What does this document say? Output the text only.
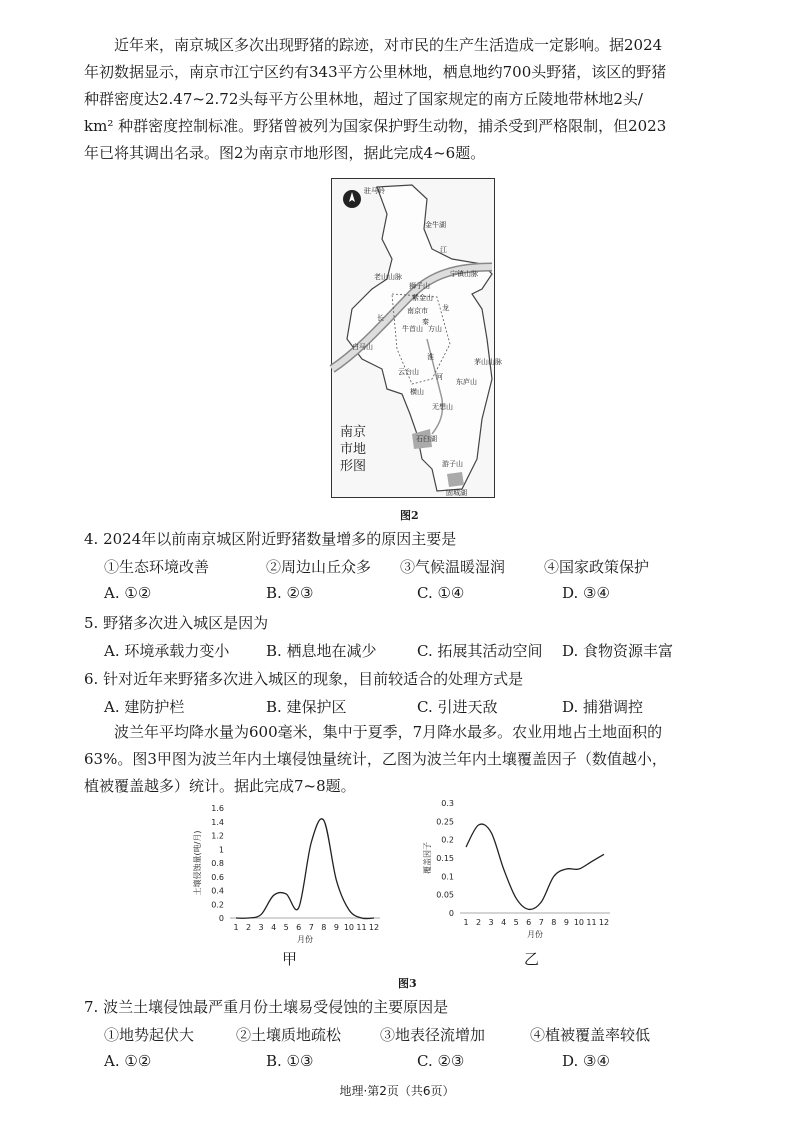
近年来，南京城区多次出现野猪的踪迹，对市民的生产生活造成一定影响。据2024
年初数据显示，南京市江宁区约有343平方公里林地，栖息地约700头野猪，该区的野猪
种群密度达2.47~2.72头每平方公里林地，超过了国家规定的南方丘陵地带林地2头/
km² 种群密度控制标准。野猪曾被列为国家保护野生动物，捕杀受到严格限制，但2023
年已将其调出名录。图2为南京市地形图，据此完成4~6题。
驻马岭
金牛湖
江
老山山脉	宁镇山脉
狮子山
紫金山
南京市 龙
长
方山
牛首山
秦
淮
白马山
云台山
横山
河
东庐山
无想山
茅山山脉
石臼湖
游子山
固城湖
南京市地形图
图2
4. 2024年以前南京城区附近野猪数量增多的原因主要是
①生态环境改善	②周边山丘众多 ③气候温暖湿润	④国家政策保护
A. ①②	B. ②③	C. ①④	D. ③④
5. 野猪多次进入城区是因为
A. 环境承载力变小 B. 栖息地在减少	C. 拓展其活动空间 D. 食物资源丰富
6. 针对近年来野猪多次进入城区的现象，目前较适合的处理方式是
A. 建防护栏	B. 建保护区	C. 引进天敌	D. 捕猎调控
波兰年平均降水量为600毫米，集中于夏季，7月降水最多。农业用地占土地面积的
63%。图3甲图为波兰年内土壤侵蚀量统计，乙图为波兰年内土壤覆盖因子（数值越小，
植被覆盖越多）统计。据此完成7~8题。
0
0.2
0.4
0.6
0.8
1
1.2
1.4
1.6
1 2 3 4 5 6 7 8 9 10 11 12
月份
土壤侵蚀量(吨/月)
0
0.05
0.1
0.15
0.2
0.25
0.3
1 2 3 4 5 6 7 8 9 10 11 12
月份
覆盖因子
甲	乙
图3
7. 波兰土壤侵蚀最严重月份土壤易受侵蚀的主要原因是
①地势起伏大	②土壤质地疏松	③地表径流增加	④植被覆盖率较低
A. ①②	B. ①③	C. ②③	D. ③④
地理·第2页（共6页）
